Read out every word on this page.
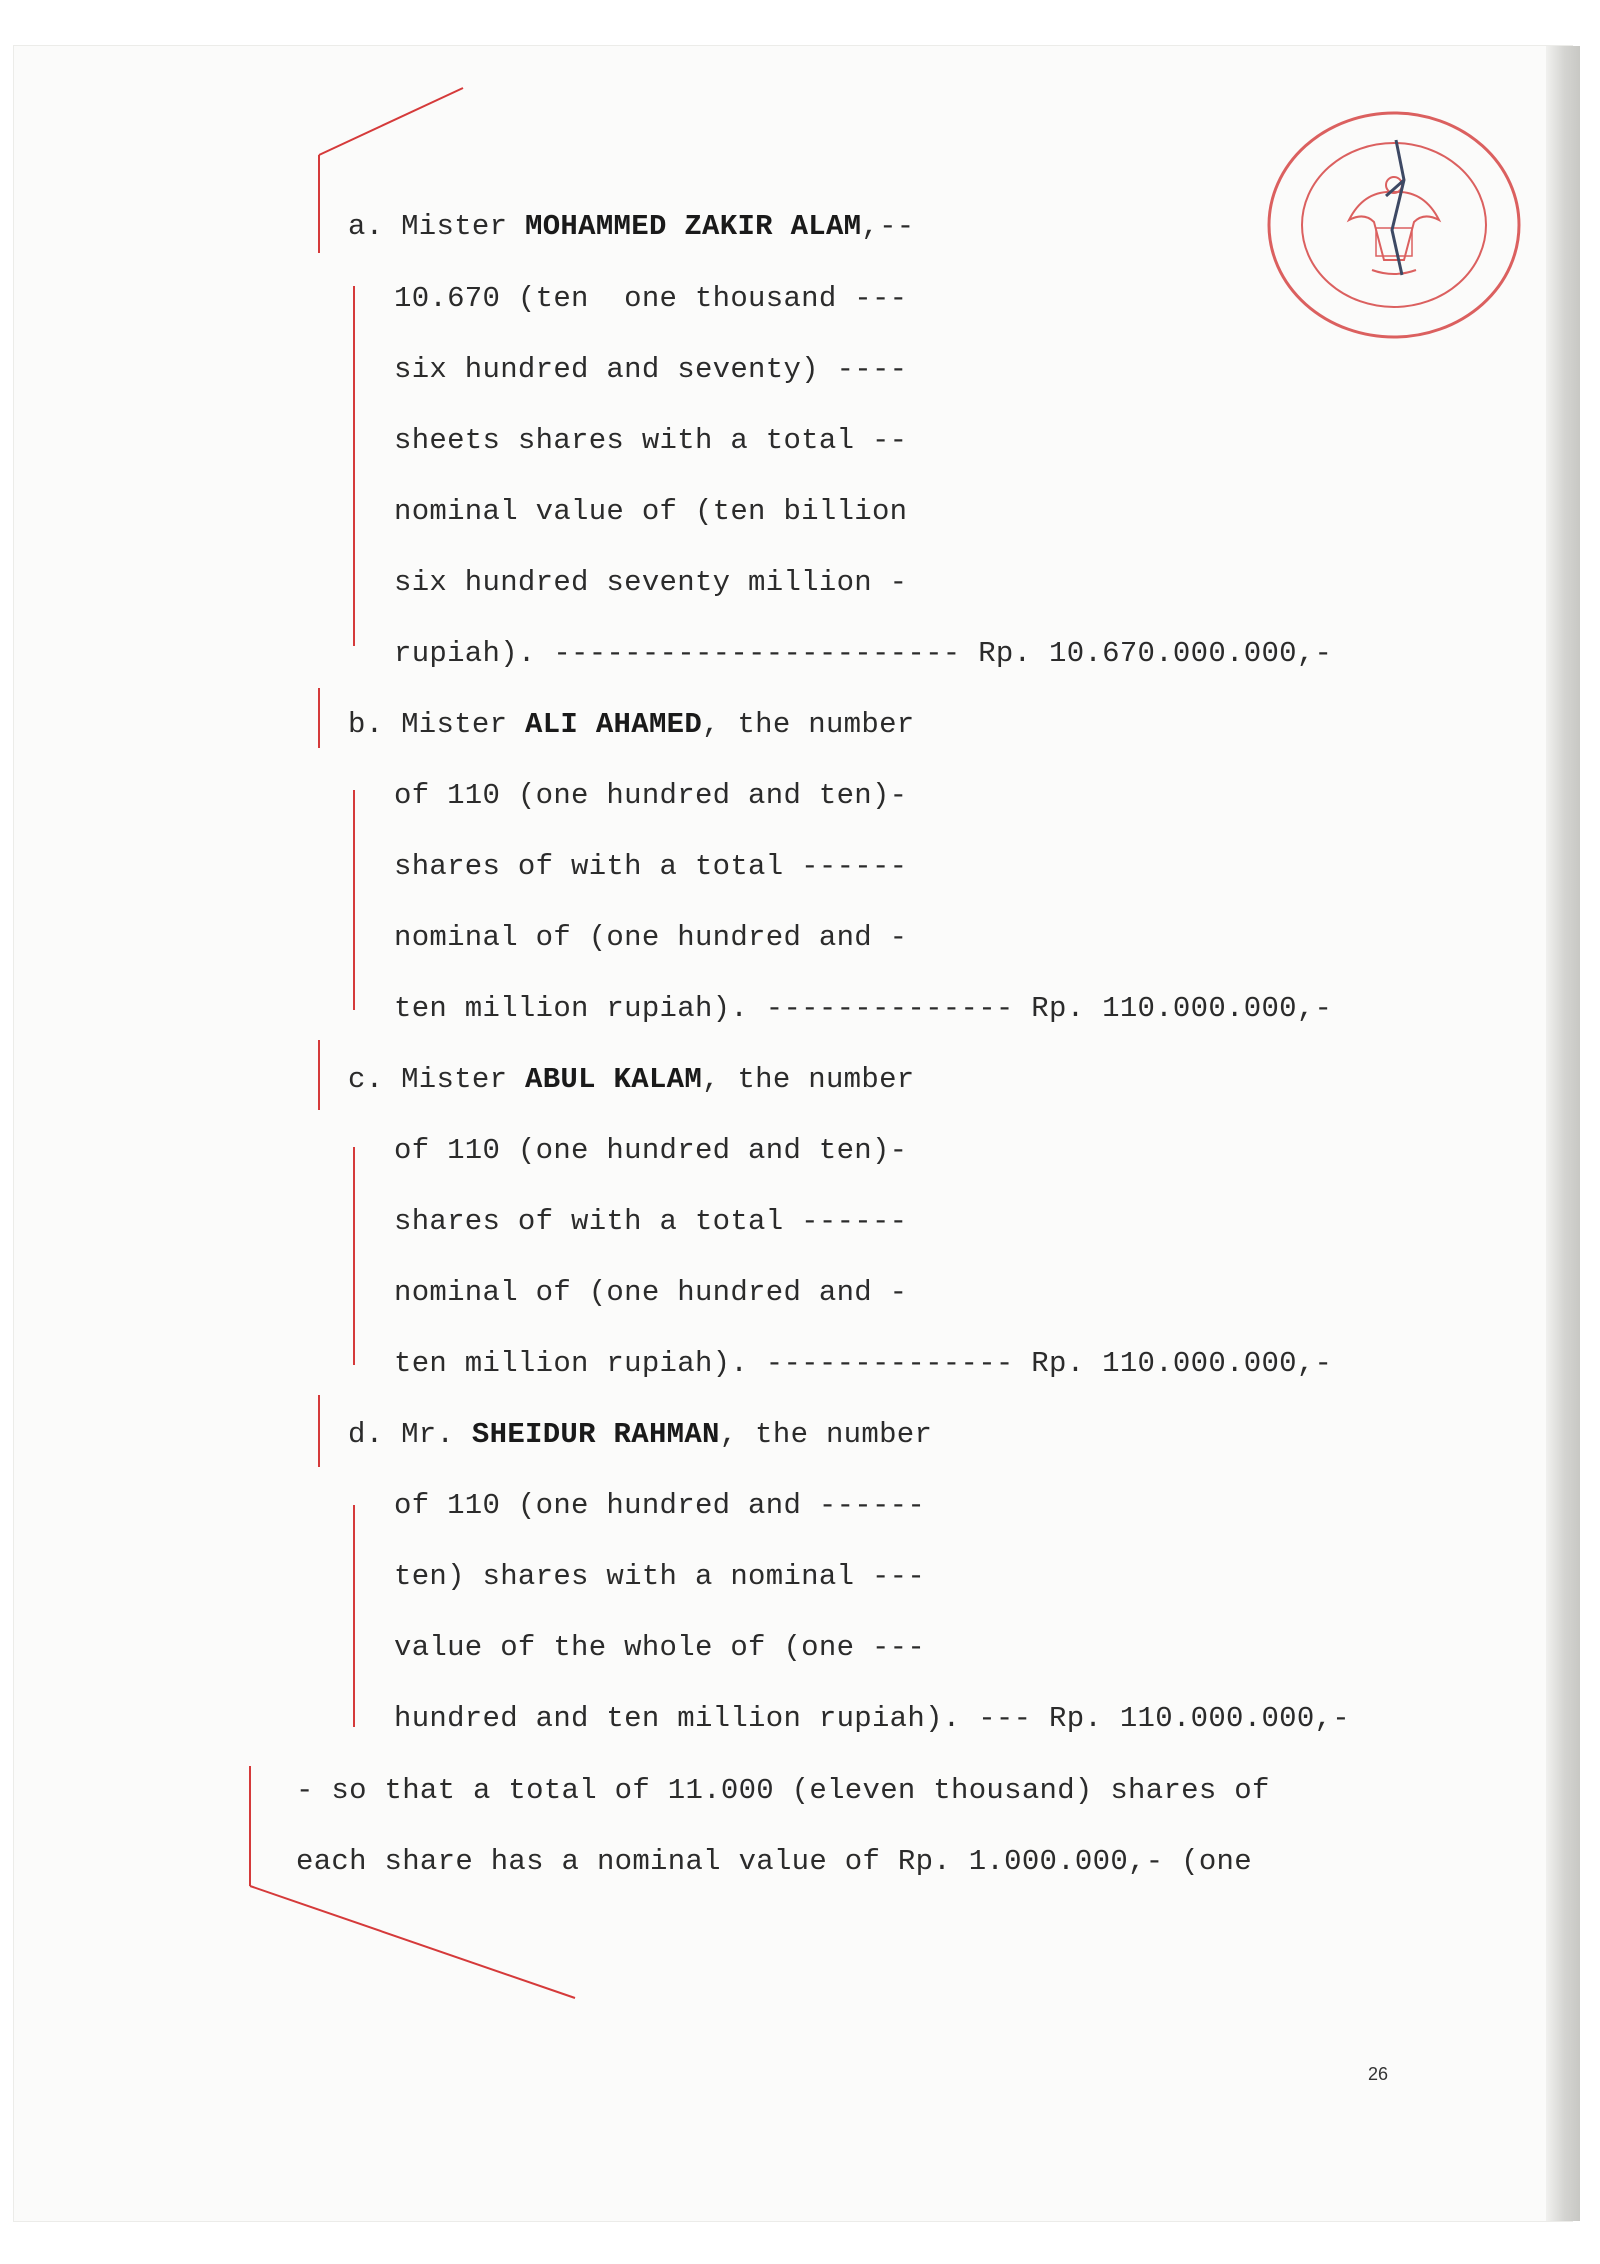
a. Mister MOHAMMED ZAKIR ALAM,--
10.670 (ten  one thousand ---
six hundred and seventy) ----
sheets shares with a total --
nominal value of (ten billion
six hundred seventy million -
rupiah). ----------------------- Rp. 10.670.000.000,-
b. Mister ALI AHAMED, the number
of 110 (one hundred and ten)-
shares of with a total ------
nominal of (one hundred and -
ten million rupiah). -------------- Rp. 110.000.000,-
c. Mister ABUL KALAM, the number
of 110 (one hundred and ten)-
shares of with a total ------
nominal of (one hundred and -
ten million rupiah). -------------- Rp. 110.000.000,-
d. Mr. SHEIDUR RAHMAN, the number
of 110 (one hundred and ------
ten) shares with a nominal ---
value of the whole of (one ---
hundred and ten million rupiah). --- Rp. 110.000.000,-
- so that a total of 11.000 (eleven thousand) shares of
each share has a nominal value of Rp. 1.000.000,- (one
26
